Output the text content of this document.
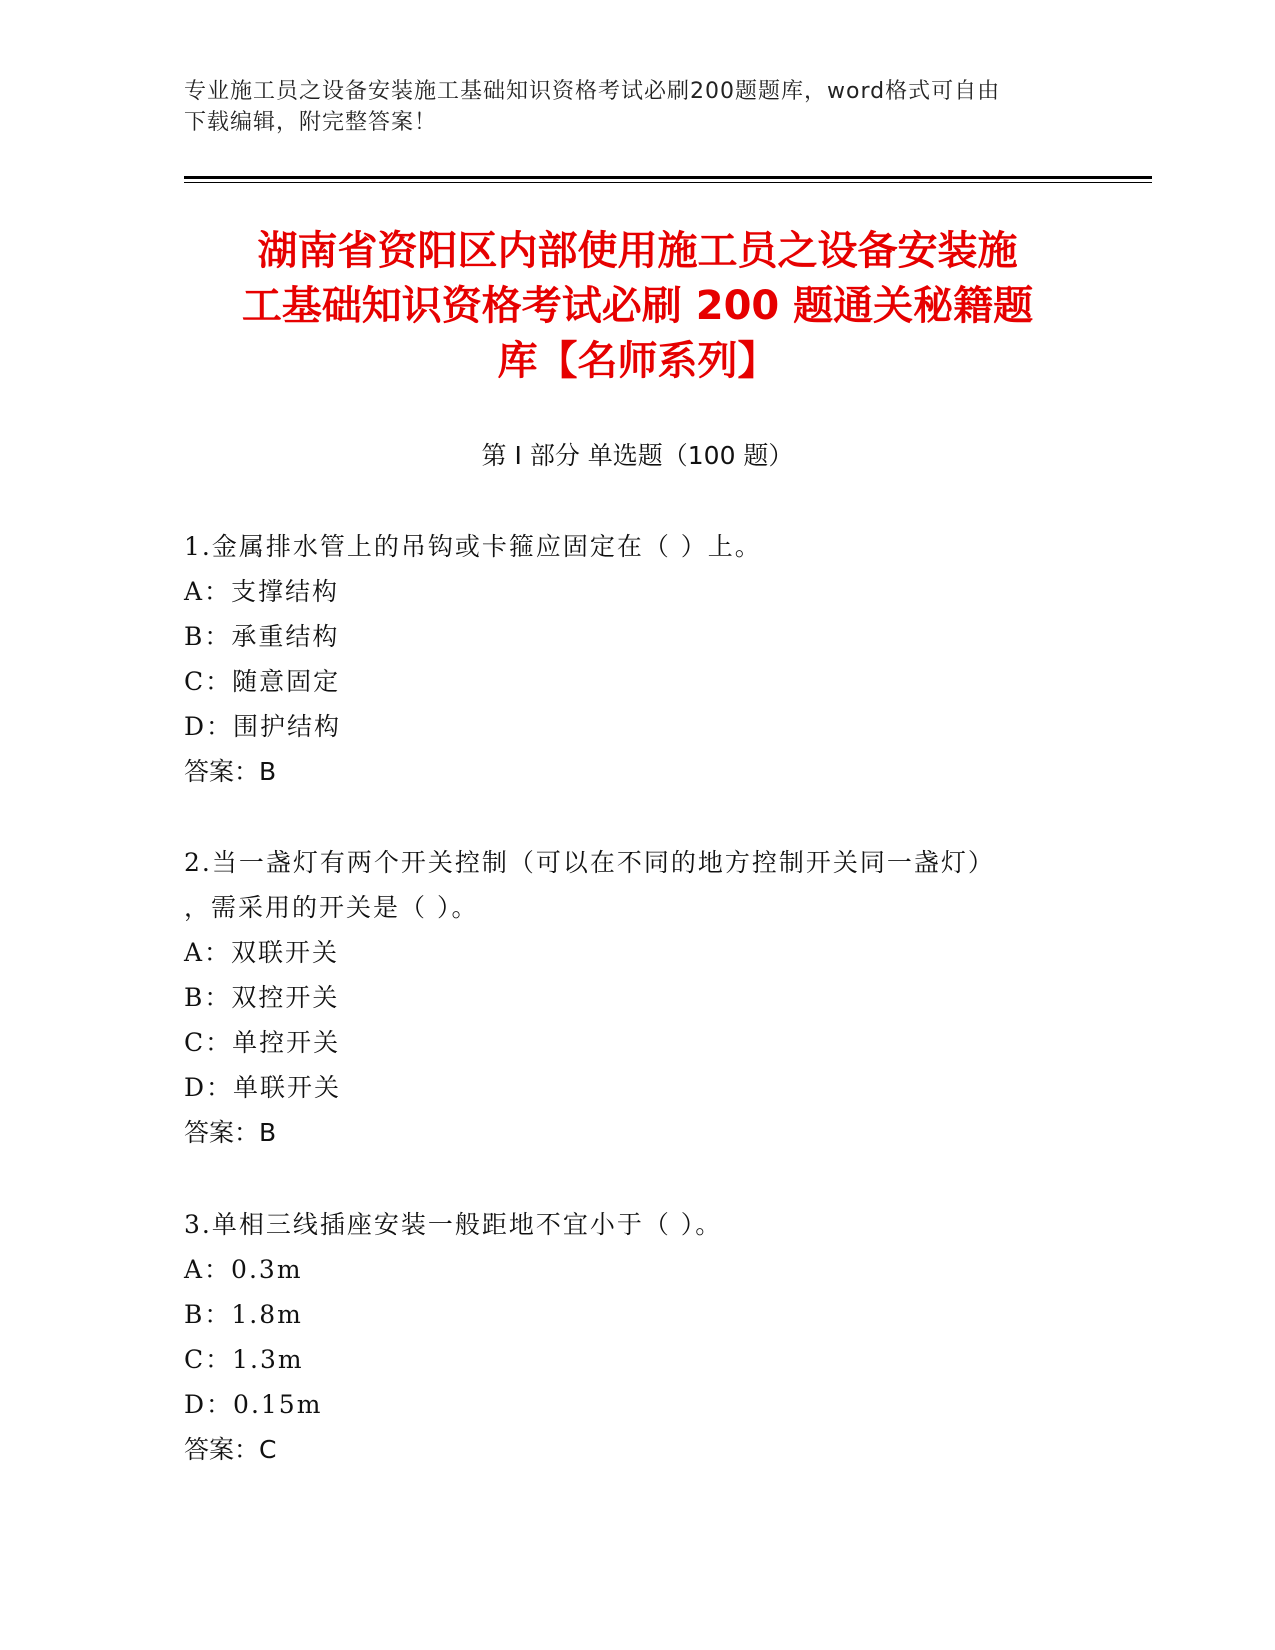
专业施工员之设备安装施工基础知识资格考试必刷200题题库，word格式可自由
下载编辑，附完整答案！
湖南省资阳区内部使用施工员之设备安装施
工基础知识资格考试必刷 200 题通关秘籍题
库【名师系列】
第 I 部分 单选题（100 题）
1.金属排水管上的吊钩或卡箍应固定在（ ）上。
A：支撑结构
B：承重结构
C：随意固定
D：围护结构
答案：B
2.当一盏灯有两个开关控制（可以在不同的地方控制开关同一盏灯）
，需采用的开关是（ ）。
A：双联开关
B：双控开关
C：单控开关
D：单联开关
答案：B
3.单相三线插座安装一般距地不宜小于（ ）。
A：0.3m
B：1.8m
C：1.3m
D：0.15m
答案：C
